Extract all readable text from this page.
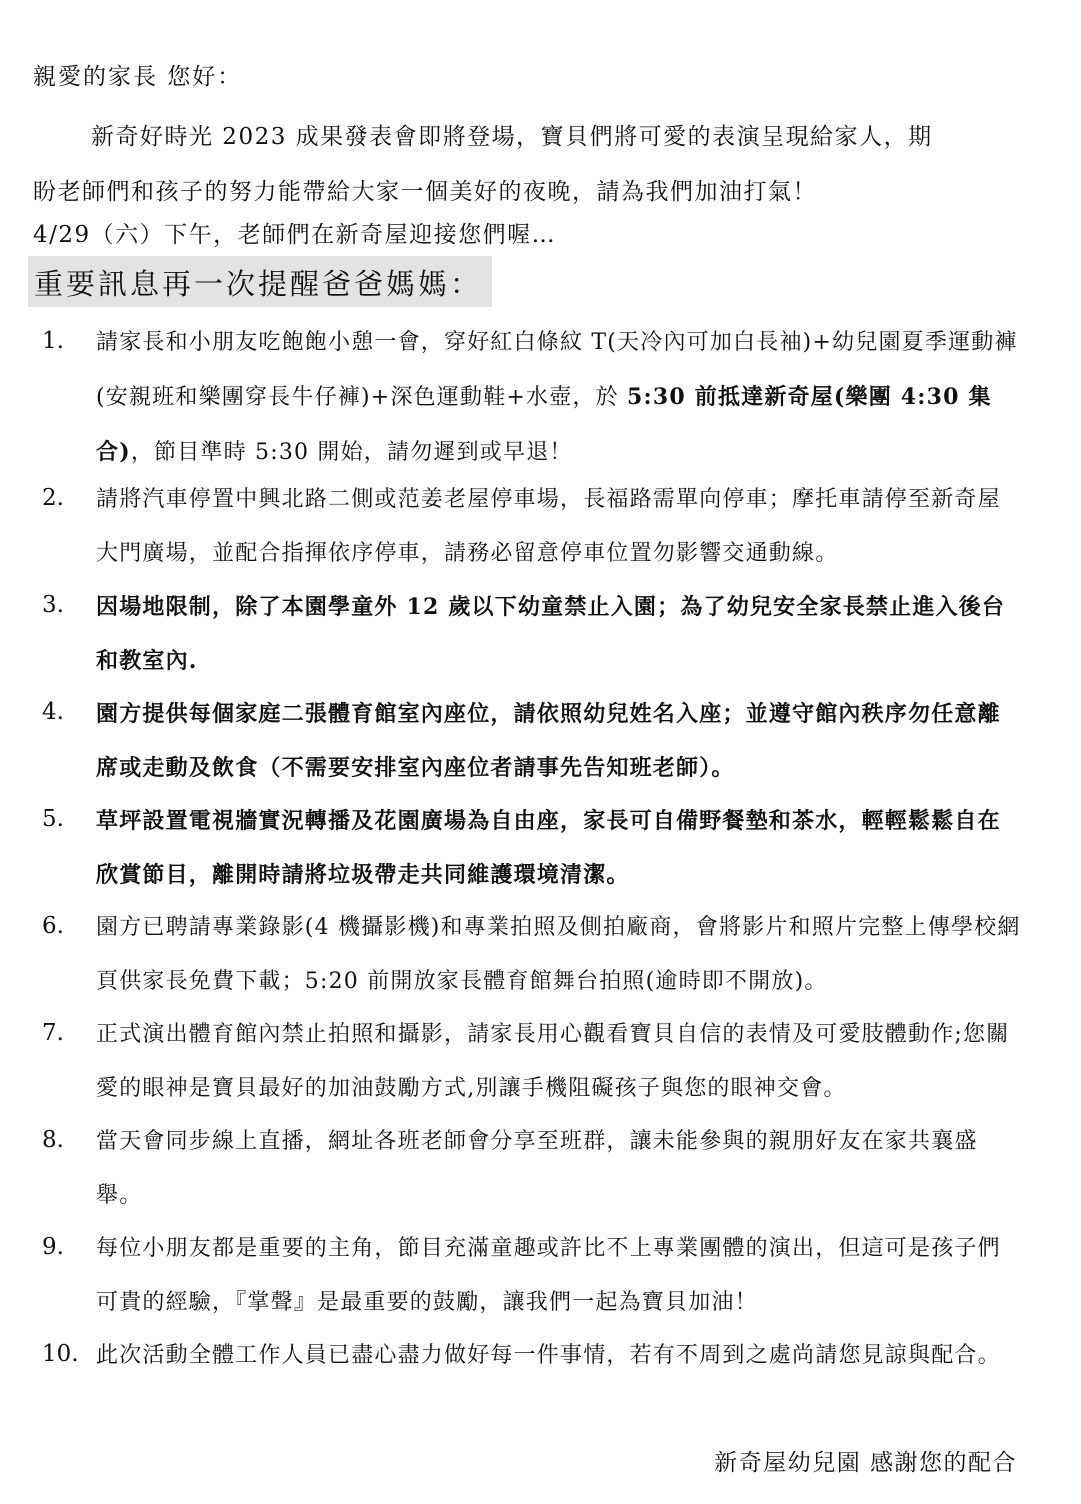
親愛的家長 您好：
新奇好時光 2023 成果發表會即將登場，寶貝們將可愛的表演呈現給家人，期
盼老師們和孩子的努力能帶給大家一個美好的夜晚，請為我們加油打氣！
4/29（六）下午，老師們在新奇屋迎接您們喔…
重要訊息再一次提醒爸爸媽媽：
1. 請家長和小朋友吃飽飽小憩一會，穿好紅白條紋 T(天冷內可加白長袖)+幼兒園夏季運動褲(安親班和樂團穿長牛仔褲)+深色運動鞋+水壺，於 5:30 前抵達新奇屋(樂團 4:30 集合)，節目準時 5:30 開始，請勿遲到或早退！
2. 請將汽車停置中興北路二側或范姜老屋停車場，長福路需單向停車；摩托車請停至新奇屋大門廣場，並配合指揮依序停車，請務必留意停車位置勿影響交通動線。
3. 因場地限制，除了本園學童外 12 歲以下幼童禁止入園；為了幼兒安全家長禁止進入後台和教室內.
4. 園方提供每個家庭二張體育館室內座位，請依照幼兒姓名入座；並遵守館內秩序勿任意離席或走動及飲食（不需要安排室內座位者請事先告知班老師）。
5. 草坪設置電視牆實況轉播及花園廣場為自由座，家長可自備野餐墊和茶水，輕輕鬆鬆自在欣賞節目，離開時請將垃圾帶走共同維護環境清潔。
6. 園方已聘請專業錄影(4 機攝影機)和專業拍照及側拍廠商，會將影片和照片完整上傳學校網頁供家長免費下載；5:20 前開放家長體育館舞台拍照(逾時即不開放)。
7. 正式演出體育館內禁止拍照和攝影，請家長用心觀看寶貝自信的表情及可愛肢體動作;您關愛的眼神是寶貝最好的加油鼓勵方式,別讓手機阻礙孩子與您的眼神交會。
8. 當天會同步線上直播，網址各班老師會分享至班群，讓未能參與的親朋好友在家共襄盛舉。
9. 每位小朋友都是重要的主角，節目充滿童趣或許比不上專業團體的演出，但這可是孩子們可貴的經驗，『掌聲』是最重要的鼓勵，讓我們一起為寶貝加油！
10. 此次活動全體工作人員已盡心盡力做好每一件事情，若有不周到之處尚請您見諒與配合。
新奇屋幼兒園 感謝您的配合
